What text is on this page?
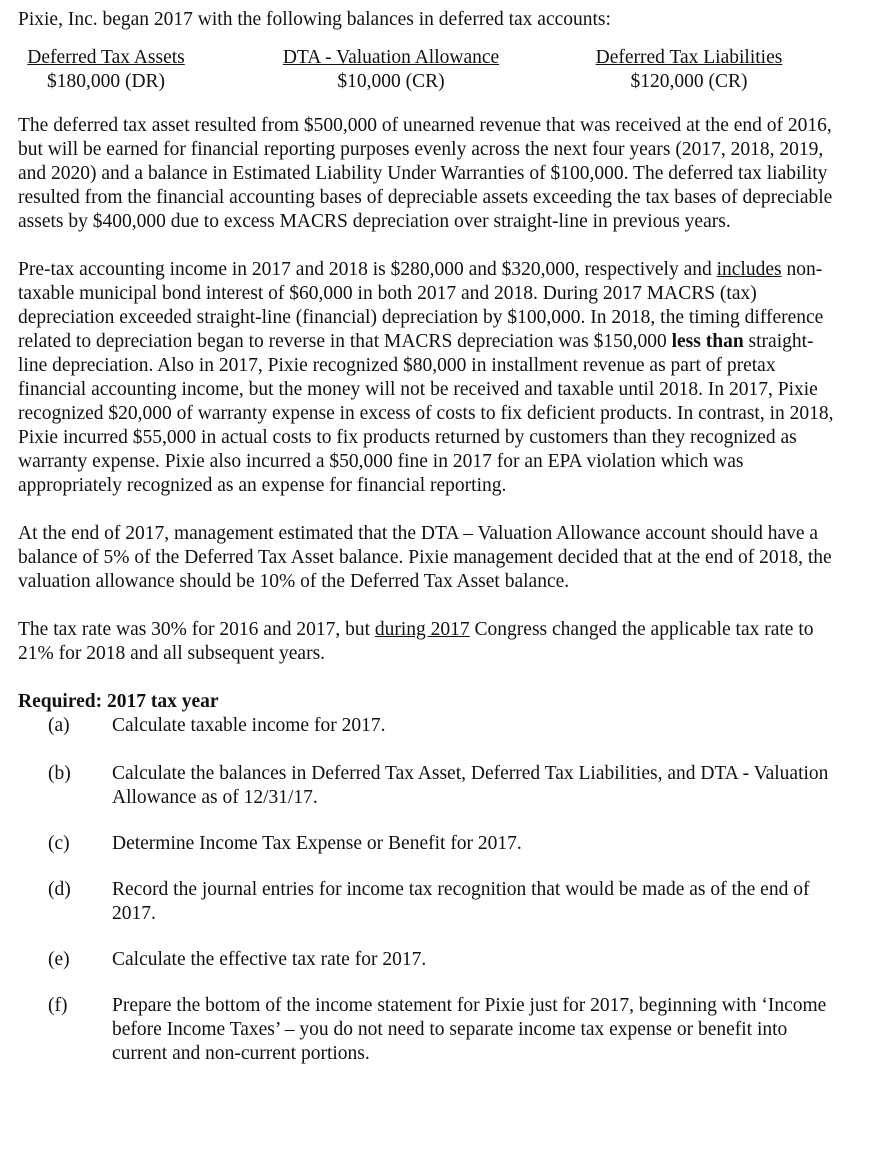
Pixie, Inc. began 2017 with the following balances in deferred tax accounts:

Deferred Tax Assets
$180,000 (DR)
DTA - Valuation Allowance
$10,000 (CR)
Deferred Tax Liabilities
$120,000 (CR)

The deferred tax asset resulted from $500,000 of unearned revenue that was received at the end of 2016, but will be earned for financial reporting purposes evenly across the next four years (2017, 2018, 2019, and 2020) and a balance in Estimated Liability Under Warranties of $100,000. The deferred tax liability resulted from the financial accounting bases of depreciable assets exceeding the tax bases of depreciable assets by $400,000 due to excess MACRS depreciation over straight-line in previous years.

Pre-tax accounting income in 2017 and 2018 is $280,000 and $320,000, respectively and includes non-taxable municipal bond interest of $60,000 in both 2017 and 2018. During 2017 MACRS (tax) depreciation exceeded straight-line (financial) depreciation by $100,000. In 2018, the timing difference related to depreciation began to reverse in that MACRS depreciation was $150,000 less than straight-line depreciation. Also in 2017, Pixie recognized $80,000 in installment revenue as part of pretax financial accounting income, but the money will not be received and taxable until 2018. In 2017, Pixie recognized $20,000 of warranty expense in excess of costs to fix deficient products. In contrast, in 2018, Pixie incurred $55,000 in actual costs to fix products returned by customers than they recognized as warranty expense. Pixie also incurred a $50,000 fine in 2017 for an EPA violation which was appropriately recognized as an expense for financial reporting.

At the end of 2017, management estimated that the DTA – Valuation Allowance account should have a balance of 5% of the Deferred Tax Asset balance. Pixie management decided that at the end of 2018, the valuation allowance should be 10% of the Deferred Tax Asset balance.

The tax rate was 30% for 2016 and 2017, but during 2017 Congress changed the applicable tax rate to 21% for 2018 and all subsequent years.

Required: 2017 tax year
(a) Calculate taxable income for 2017.
(b) Calculate the balances in Deferred Tax Asset, Deferred Tax Liabilities, and DTA - Valuation Allowance as of 12/31/17.
(c) Determine Income Tax Expense or Benefit for 2017.
(d) Record the journal entries for income tax recognition that would be made as of the end of 2017.
(e) Calculate the effective tax rate for 2017.
(f) Prepare the bottom of the income statement for Pixie just for 2017, beginning with ‘Income before Income Taxes’ – you do not need to separate income tax expense or benefit into current and non-current portions.
